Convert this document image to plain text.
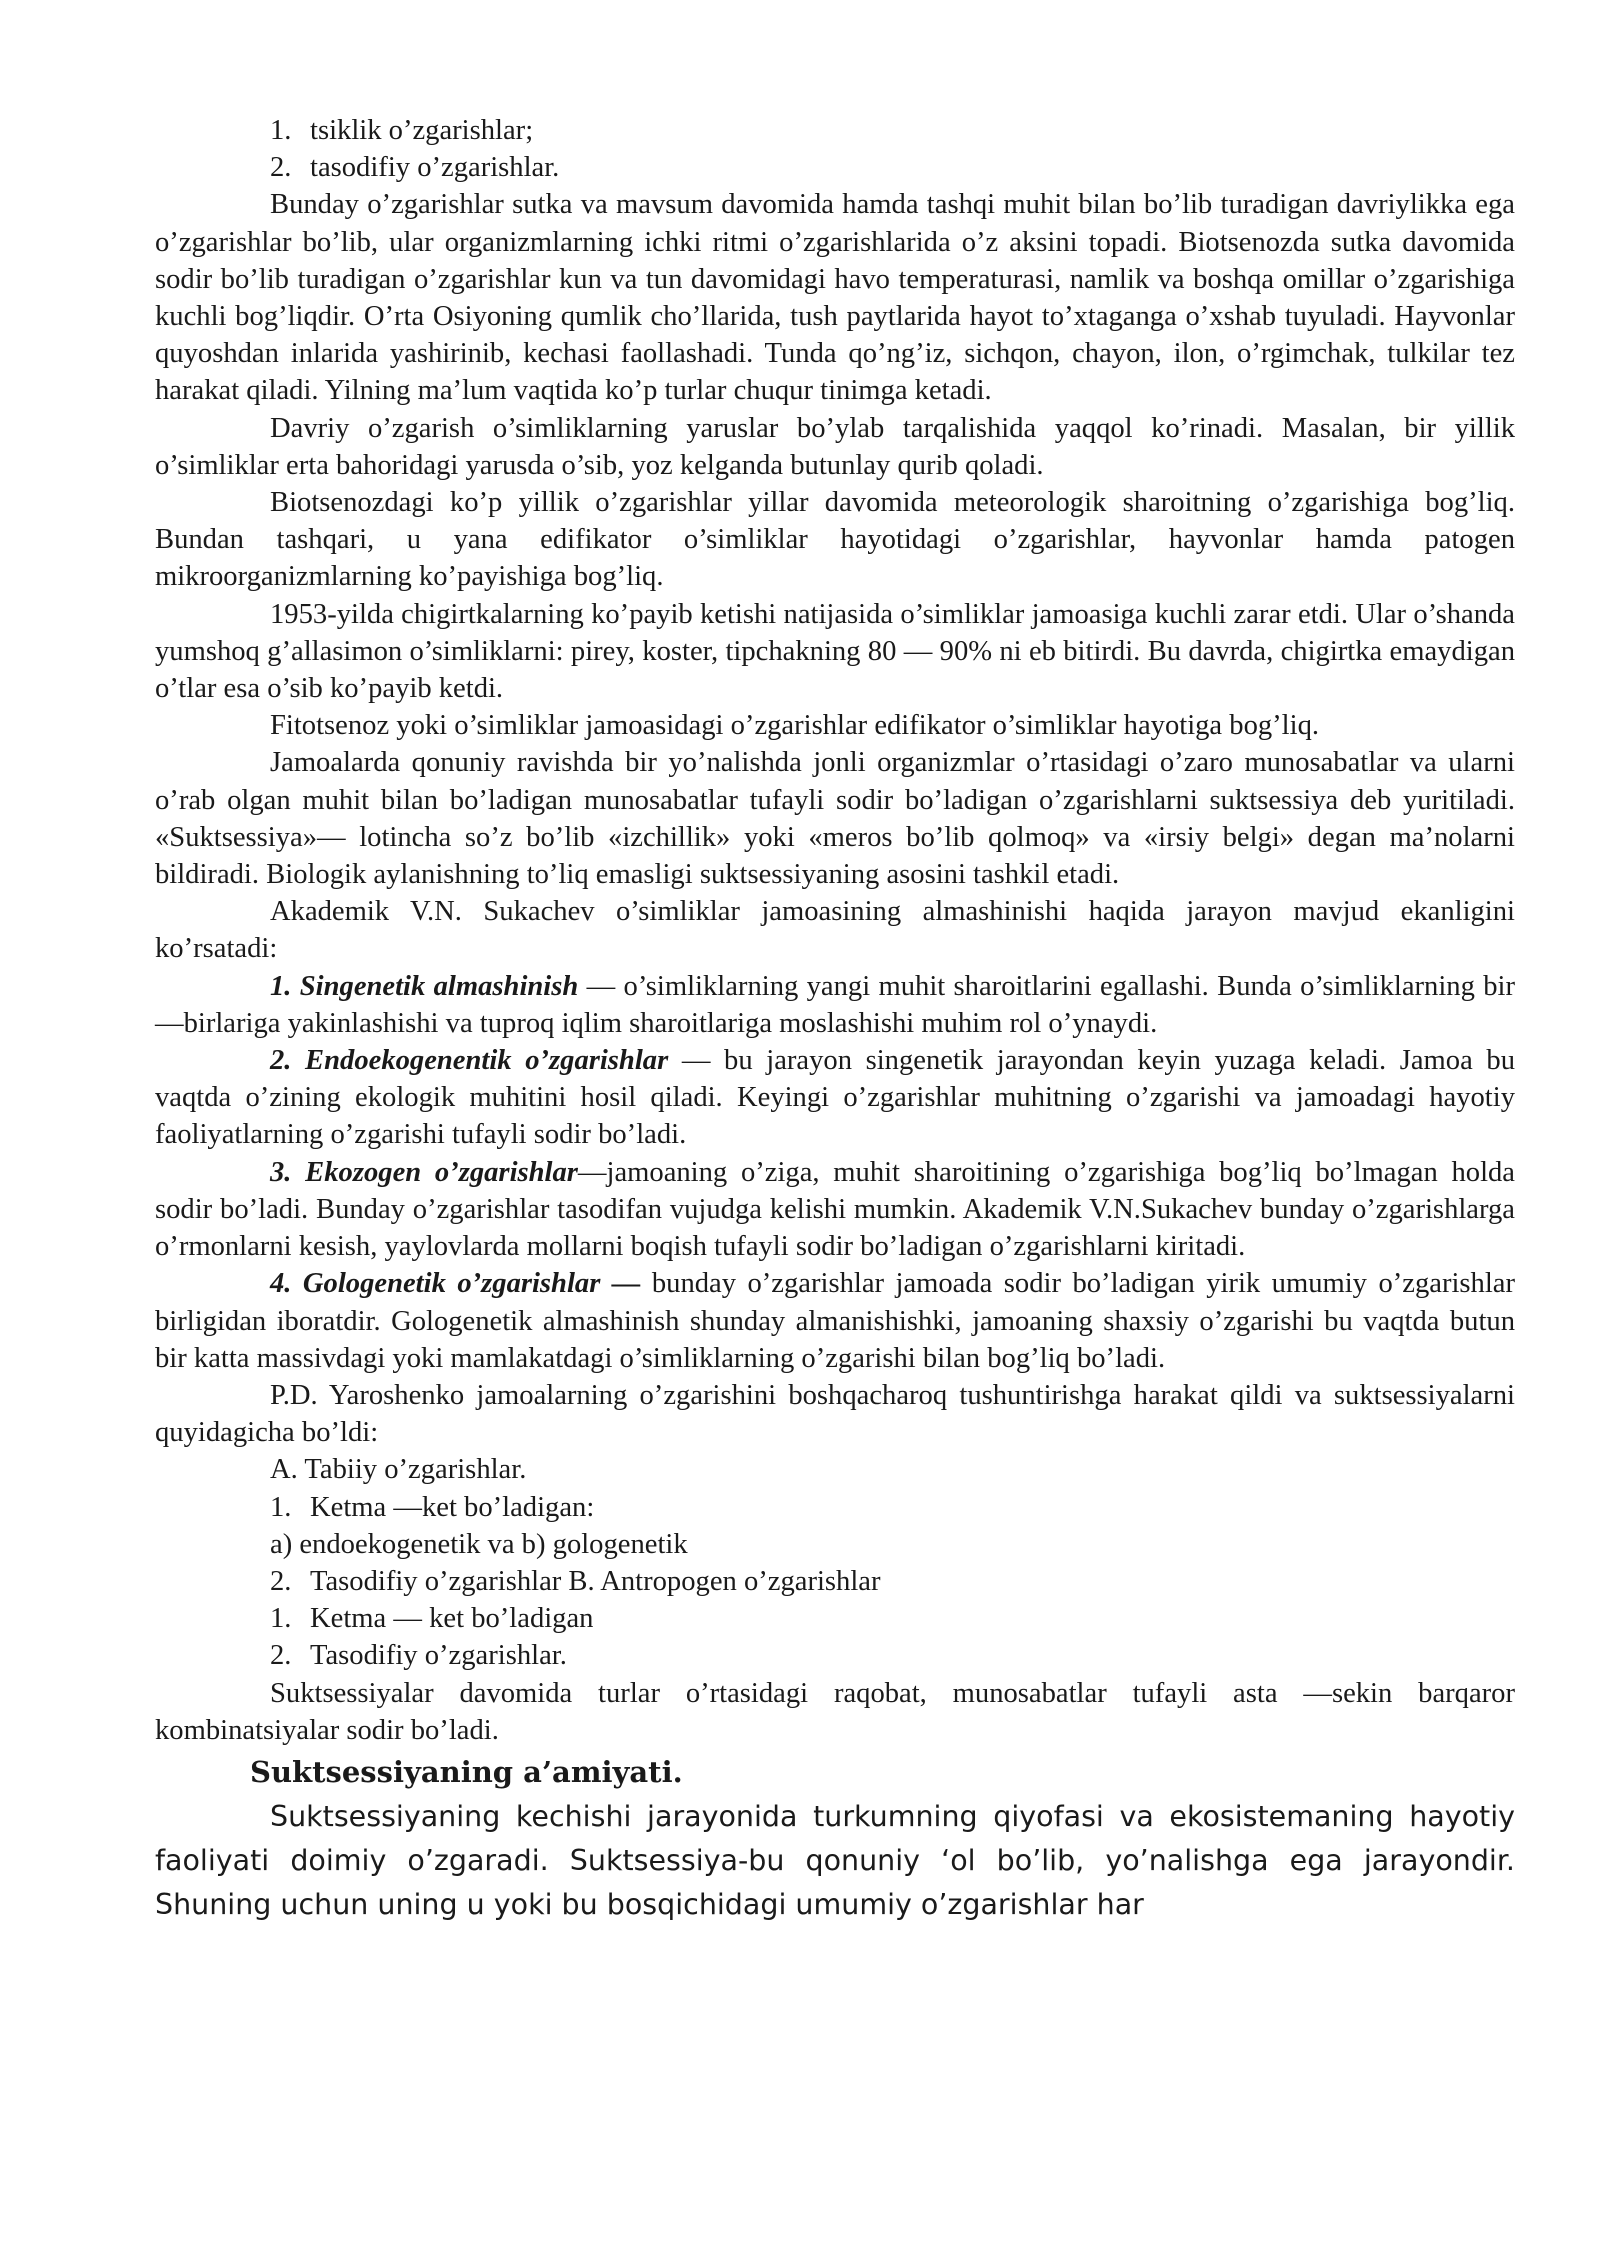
1. tsiklik o’zgarishlar;
2. tasodifiy o’zgarishlar.

Bunday o’zgarishlar sutka va mavsum davomida hamda tashqi muhit bilan bo’lib turadigan davriylikka ega o’zgarishlar bo’lib, ular organizmlarning ichki ritmi o’zgarishlarida o’z aksini topadi. Biotsenozda sutka davomida sodir bo’lib turadigan o’zgarishlar kun va tun davomidagi havo temperaturasi, namlik va boshqa omillar o’zgarishiga kuchli bog’liqdir. O’rta Osiyoning qumlik cho’llarida, tush paytlarida hayot to’xtaganga o’xshab tuyuladi. Hayvonlar quyoshdan inlarida yashirinib, kechasi faollashadi. Tunda qo’ng’iz, sichqon, chayon, ilon, o’rgimchak, tulkilar tez harakat qiladi. Yilning ma’lum vaqtida ko’p turlar chuqur tinimga ketadi.

Davriy o’zgarish o’simliklarning yaruslar bo’ylab tarqalishida yaqqol ko’rinadi. Masalan, bir yillik o’simliklar erta bahoridagi yarusda o’sib, yoz kelganda butunlay qurib qoladi.

Biotsenozdagi ko’p yillik o’zgarishlar yillar davomida meteorologik sharoitning o’zgarishiga bog’liq. Bundan tashqari, u yana edifikator o’simliklar hayotidagi o’zgarishlar, hayvonlar hamda patogen mikroorganizmlarning ko’payishiga bog’liq.

1953-yilda chigirtkalarning ko’payib ketishi natijasida o’simliklar jamoasiga kuchli zarar etdi. Ular o’shanda yumshoq g’allasimon o’simliklarni: pirey, koster, tipchakning 80 — 90% ni eb bitirdi. Bu davrda, chigirtka emaydigan o’tlar esa o’sib ko’payib ketdi.

Fitotsenoz yoki o’simliklar jamoasidagi o’zgarishlar edifikator o’simliklar hayotiga bog’liq.

Jamoalarda qonuniy ravishda bir yo’nalishda jonli organizmlar o’rtasidagi o’zaro munosabatlar va ularni o’rab olgan muhit bilan bo’ladigan munosabatlar tufayli sodir bo’ladigan o’zgarishlarni suktsessiya deb yuritiladi. «Suktsessiya»— lotincha so’z bo’lib «izchillik» yoki «meros bo’lib qolmoq» va «irsiy belgi» degan ma’nolarni bildiradi. Biologik aylanishning to’liq emasligi suktsessiyaning asosini tashkil etadi.

Akademik V.N. Sukachev o’simliklar jamoasining almashinishi haqida jarayon mavjud ekanligini ko’rsatadi:

1. Singenetik almashinish — o’simliklarning yangi muhit sharoitlarini egallashi. Bunda o’simliklarning bir—birlariga yakinlashishi va tuproq iqlim sharoitlariga moslashishi muhim rol o’ynaydi.

2. Endoekogenentik o’zgarishlar — bu jarayon singenetik jarayondan keyin yuzaga keladi. Jamoa bu vaqtda o’zining ekologik muhitini hosil qiladi. Keyingi o’zgarishlar muhitning o’zgarishi va jamoadagi hayotiy faoliyatlarning o’zgarishi tufayli sodir bo’ladi.

3. Ekozogen o’zgarishlar—jamoaning o’ziga, muhit sharoitining o’zgarishiga bog’liq bo’lmagan holda sodir bo’ladi. Bunday o’zgarishlar tasodifan vujudga kelishi mumkin. Akademik V.N.Sukachev bunday o’zgarishlarga o’rmonlarni kesish, yaylovlarda mollarni boqish tufayli sodir bo’ladigan o’zgarishlarni kiritadi.

4. Gologenetik o’zgarishlar — bunday o’zgarishlar jamoada sodir bo’ladigan yirik umumiy o’zgarishlar birligidan iboratdir. Gologenetik almashinish shunday almanishishki, jamoaning shaxsiy o’zgarishi bu vaqtda butun bir katta massivdagi yoki mamlakatdagi o’simliklarning o’zgarishi bilan bog’liq bo’ladi.

P.D. Yaroshenko jamoalarning o’zgarishini boshqacharoq tushuntirishga harakat qildi va suktsessiyalarni quyidagicha bo’ldi:

A. Tabiiy o’zgarishlar.
1. Ketma —ket bo’ladigan:
a) endoekogenetik va b) gologenetik
2. Tasodifiy o’zgarishlar B. Antropogen o’zgarishlar
1. Ketma — ket bo’ladigan
2. Tasodifiy o’zgarishlar.

Suktsessiyalar davomida turlar o’rtasidagi raqobat, munosabatlar tufayli asta —sekin barqaror kombinatsiyalar sodir bo’ladi.

Suktsessiyaning a’amiyati.

Suktsessiyaning kechishi jarayonida turkumning qiyofasi va ekosistemaning hayotiy faoliyati doimiy o’zgaradi. Suktsessiya-bu qonuniy ‘ol bo’lib, yo’nalishga ega jarayondir. Shuning uchun uning u yoki bu bosqichidagi umumiy o’zgarishlar har
